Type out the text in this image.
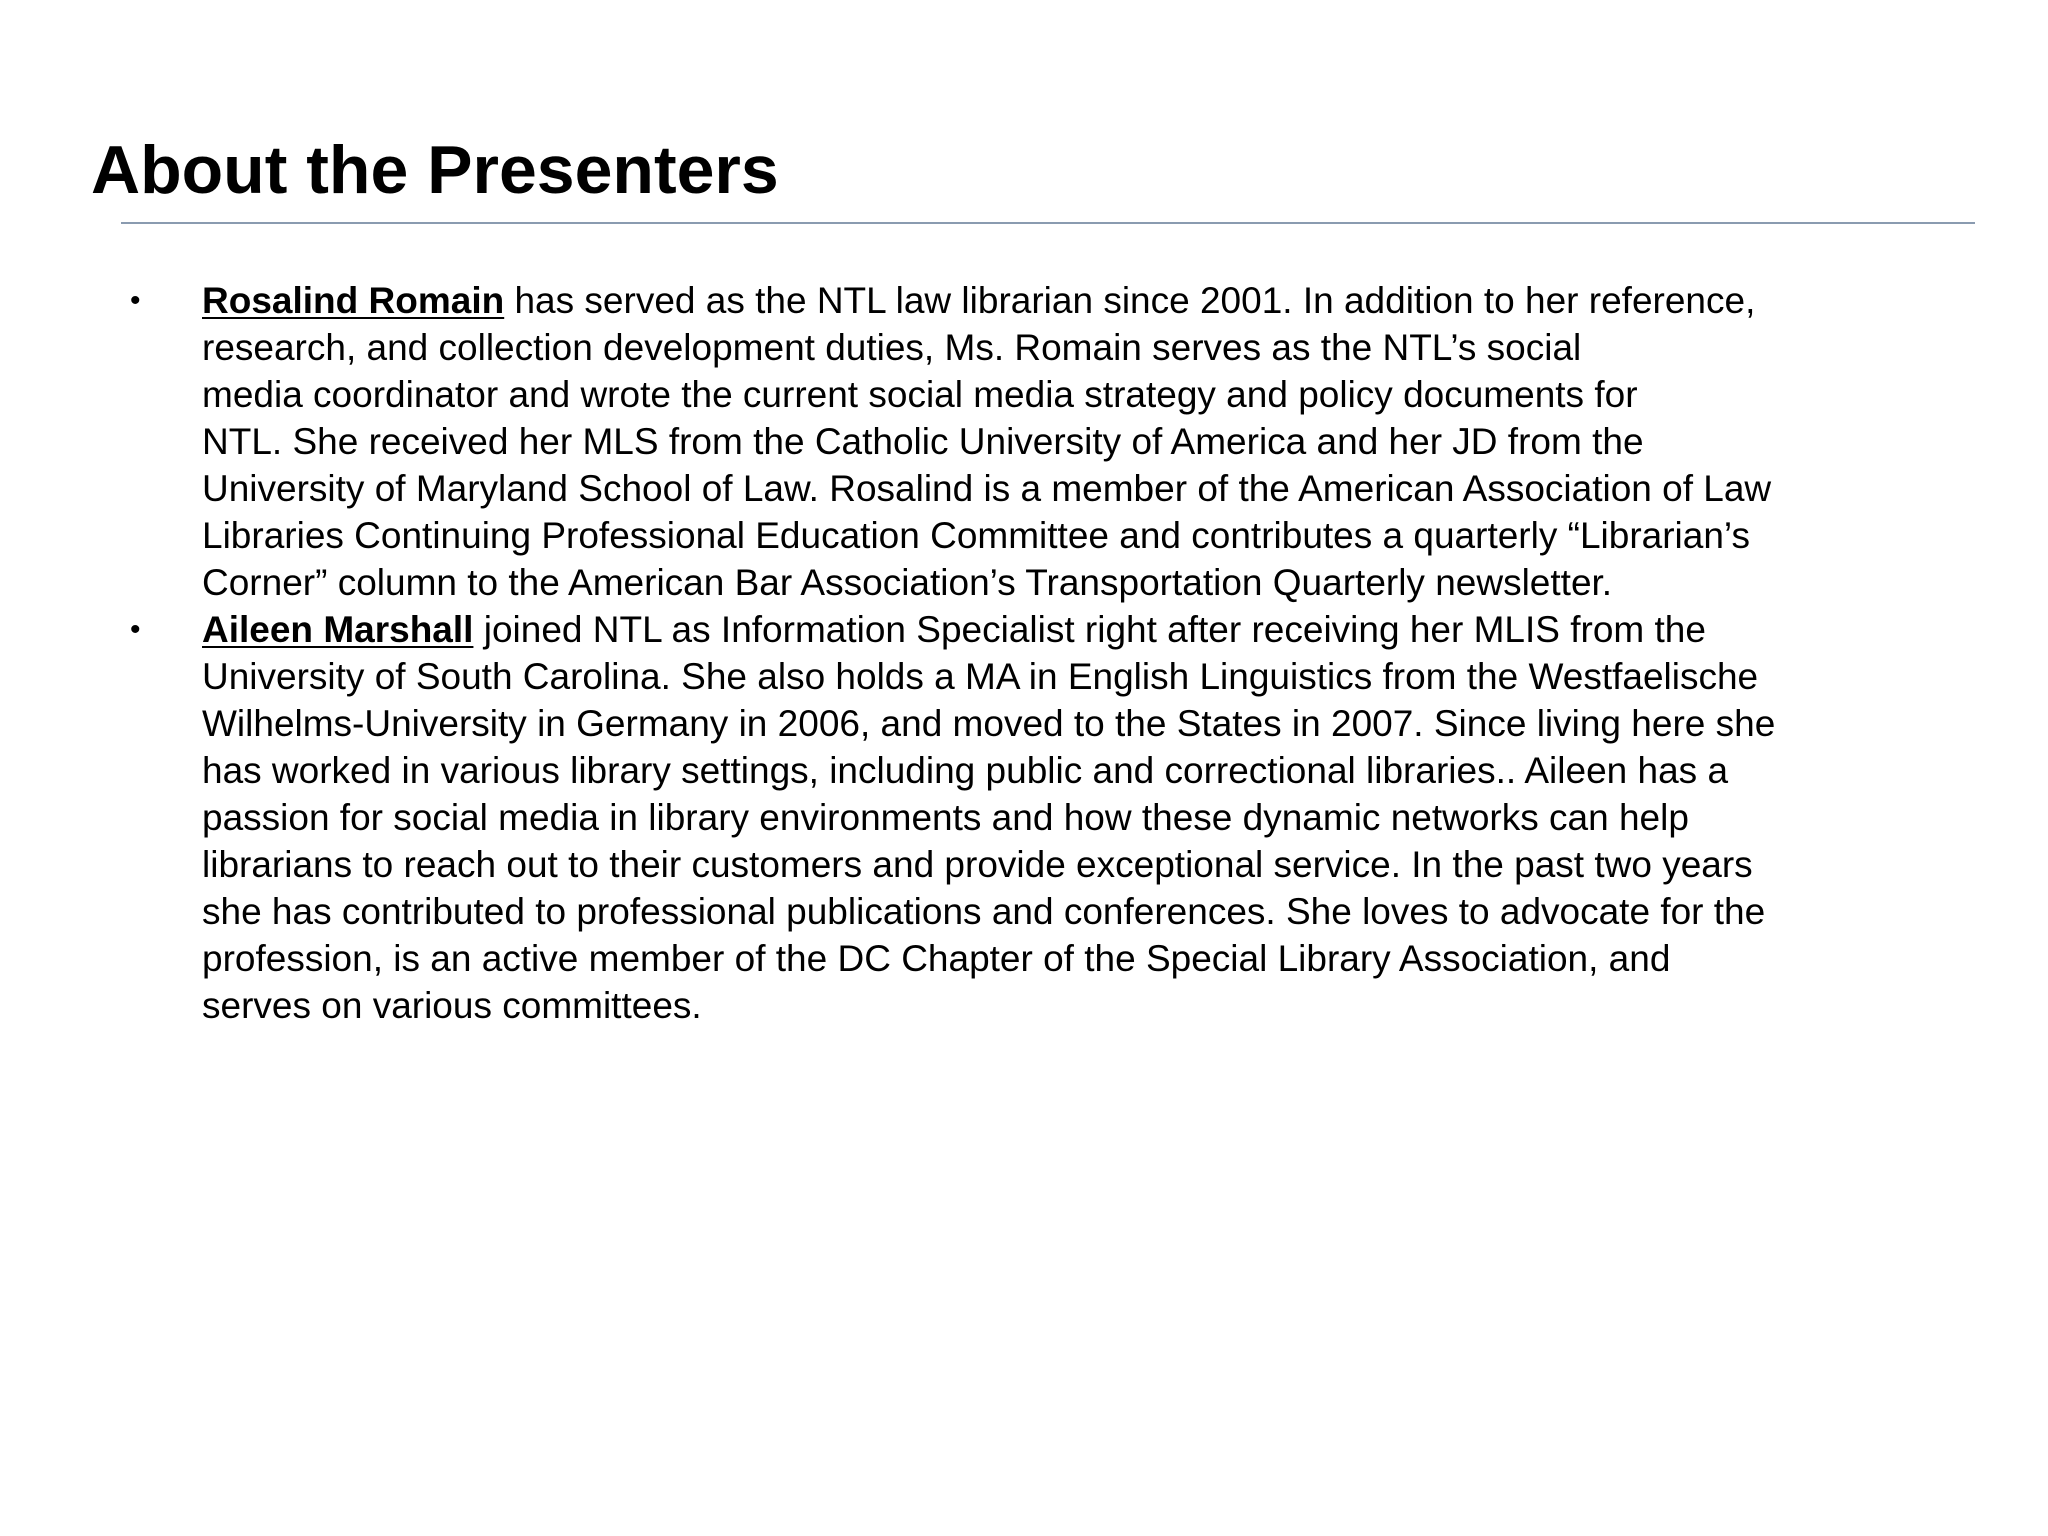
About the Presenters
• Rosalind Romain has served as the NTL law librarian since 2001. In addition to her reference,
research, and collection development duties, Ms. Romain serves as the NTL’s social
media coordinator and wrote the current social media strategy and policy documents for
NTL. She received her MLS from the Catholic University of America and her JD from the
University of Maryland School of Law. Rosalind is a member of the American Association of Law
Libraries Continuing Professional Education Committee and contributes a quarterly “Librarian’s
Corner” column to the American Bar Association’s Transportation Quarterly newsletter.
• Aileen Marshall joined NTL as Information Specialist right after receiving her MLIS from the
University of South Carolina. She also holds a MA in English Linguistics from the Westfaelische
Wilhelms-University in Germany in 2006, and moved to the States in 2007. Since living here she
has worked in various library settings, including public and correctional libraries.. Aileen has a
passion for social media in library environments and how these dynamic networks can help
librarians to reach out to their customers and provide exceptional service. In the past two years
she has contributed to professional publications and conferences. She loves to advocate for the
profession, is an active member of the DC Chapter of the Special Library Association, and
serves on various committees.
